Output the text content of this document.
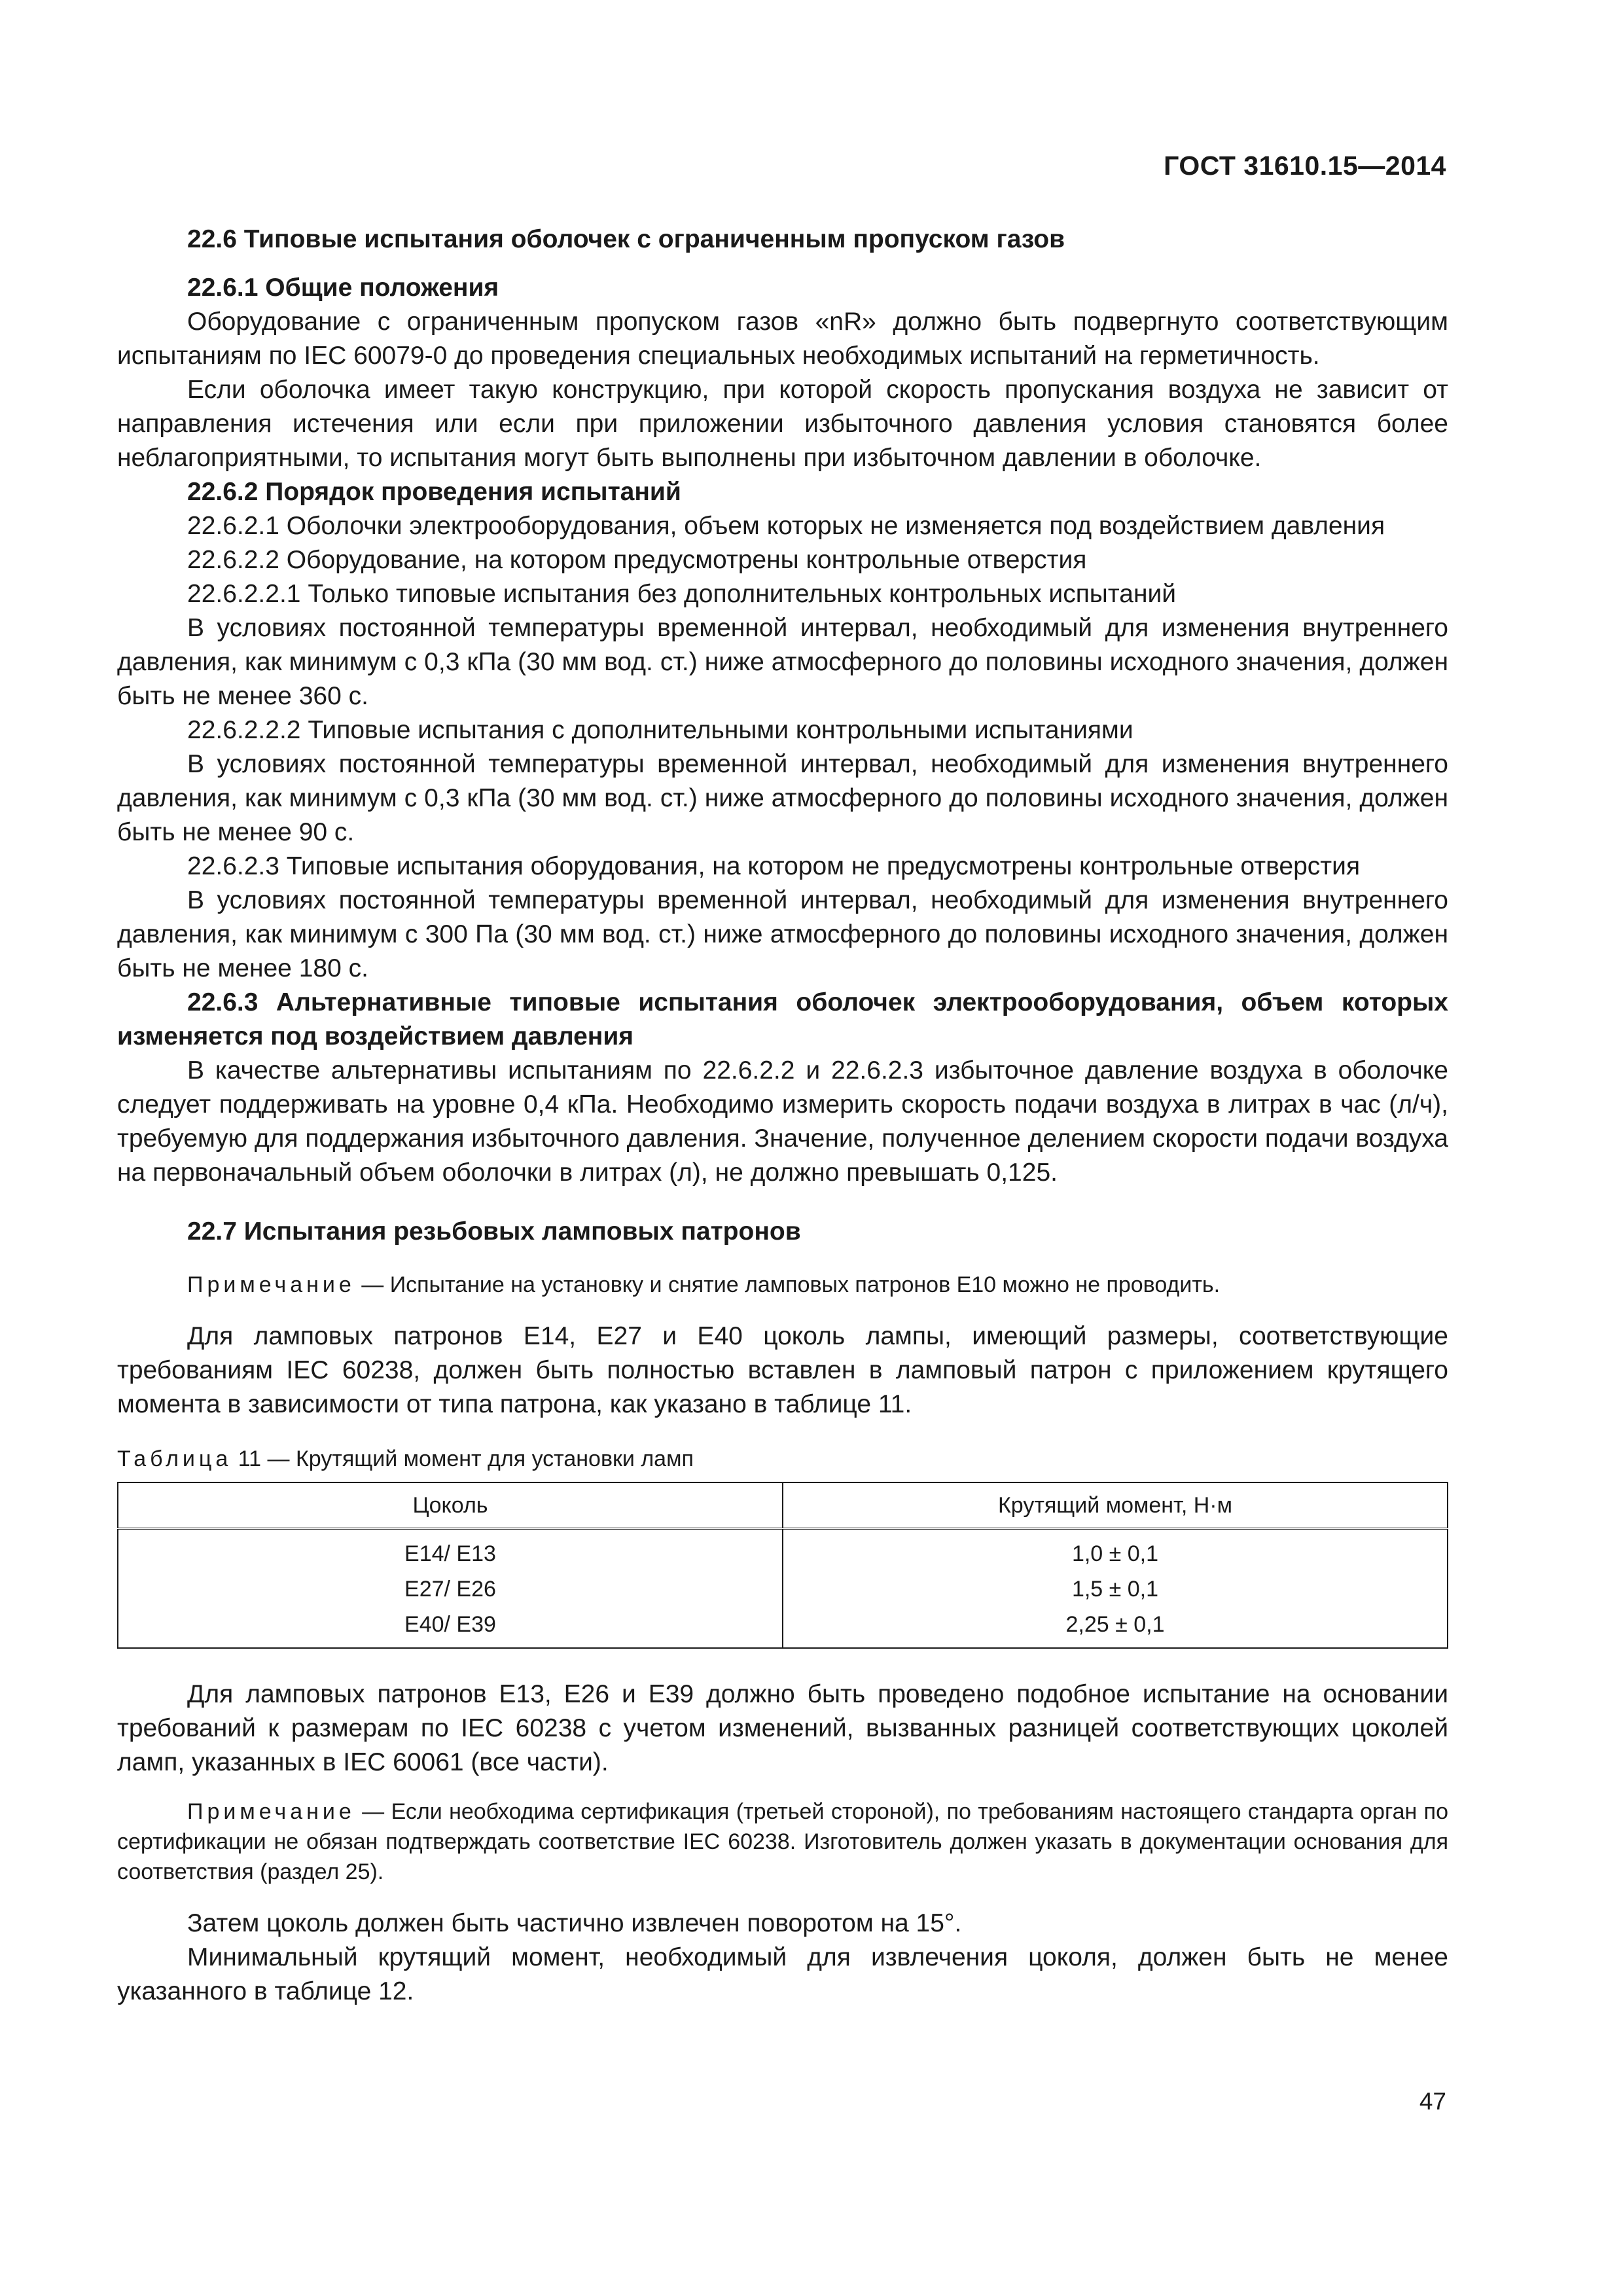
ГОСТ 31610.15—2014

22.6 Типовые испытания оболочек с ограниченным пропуском газов

22.6.1 Общие положения

Оборудование с ограниченным пропуском газов «nR» должно быть подвергнуто соответствующим испытаниям по IEC 60079-0 до проведения специальных необходимых испытаний на герметичность.

Если оболочка имеет такую конструкцию, при которой скорость пропускания воздуха не зависит от направления истечения или если при приложении избыточного давления условия становятся более неблагоприятными, то испытания могут быть выполнены при избыточном давлении в оболочке.

22.6.2 Порядок проведения испытаний

22.6.2.1 Оболочки электрооборудования, объем которых не изменяется под воздействием давления

22.6.2.2 Оборудование, на котором предусмотрены контрольные отверстия

22.6.2.2.1 Только типовые испытания без дополнительных контрольных испытаний

В условиях постоянной температуры временной интервал, необходимый для изменения внутреннего давления, как минимум с 0,3 кПа (30 мм вод. ст.) ниже атмосферного до половины исходного значения, должен быть не менее 360 с.

22.6.2.2.2 Типовые испытания с дополнительными контрольными испытаниями

В условиях постоянной температуры временной интервал, необходимый для изменения внутреннего давления, как минимум с 0,3 кПа (30 мм вод. ст.) ниже атмосферного до половины исходного значения, должен быть не менее 90 с.

22.6.2.3 Типовые испытания оборудования, на котором не предусмотрены контрольные отверстия

В условиях постоянной температуры временной интервал, необходимый для изменения внутреннего давления, как минимум с 300 Па (30 мм вод. ст.) ниже атмосферного до половины исходного значения, должен быть не менее 180 с.

22.6.3 Альтернативные типовые испытания оболочек электрооборудования, объем которых изменяется под воздействием давления

В качестве альтернативы испытаниям по 22.6.2.2 и 22.6.2.3 избыточное давление воздуха в оболочке следует поддерживать на уровне 0,4 кПа. Необходимо измерить скорость подачи воздуха в литрах в час (л/ч), требуемую для поддержания избыточного давления. Значение, полученное делением скорости подачи воздуха на первоначальный объем оболочки в литрах (л), не должно превышать 0,125.

22.7 Испытания резьбовых ламповых патронов

Примечание — Испытание на установку и снятие ламповых патронов Е10 можно не проводить.

Для ламповых патронов Е14, Е27 и Е40 цоколь лампы, имеющий размеры, соответствующие требованиям IEC 60238, должен быть полностью вставлен в ламповый патрон с приложением крутящего момента в зависимости от типа патрона, как указано в таблице 11.

Таблица 11 — Крутящий момент для установки ламп

Цоколь	Крутящий момент, Н·м
Е14/ Е13	1,0 ± 0,1
Е27/ Е26	1,5 ± 0,1
Е40/ Е39	2,25 ± 0,1

Для ламповых патронов Е13, Е26 и Е39 должно быть проведено подобное испытание на основании требований к размерам по IEC 60238 с учетом изменений, вызванных разницей соответствующих цоколей ламп, указанных в IEC 60061 (все части).

Примечание — Если необходима сертификация (третьей стороной), по требованиям настоящего стандарта орган по сертификации не обязан подтверждать соответствие IEC 60238. Изготовитель должен указать в документации основания для соответствия (раздел 25).

Затем цоколь должен быть частично извлечен поворотом на 15°.

Минимальный крутящий момент, необходимый для извлечения цоколя, должен быть не менее указанного в таблице 12.

47
